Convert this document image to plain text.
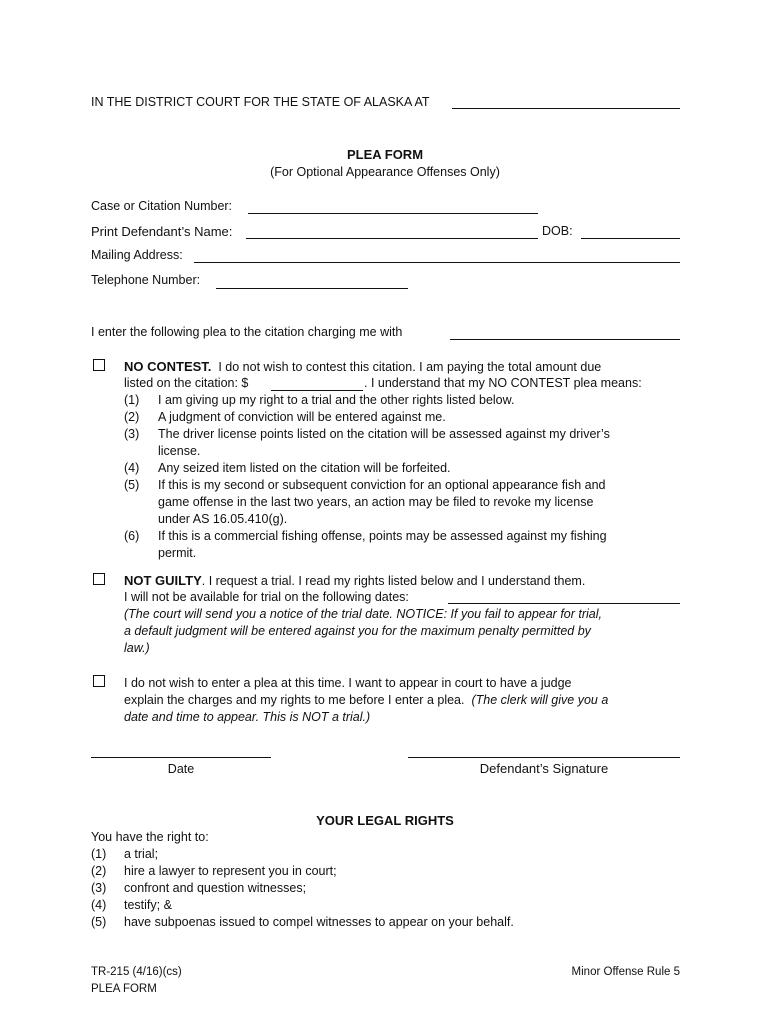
IN THE DISTRICT COURT FOR THE STATE OF ALASKA AT
PLEA FORM
(For Optional Appearance Offenses Only)
Case or Citation Number:
Print Defendant’s Name:	DOB:
Mailing Address:
Telephone Number:
I enter the following plea to the citation charging me with
NO CONTEST. I do not wish to contest this citation. I am paying the total amount due
listed on the citation: $	. I understand that my NO CONTEST plea means:
(1) I am giving up my right to a trial and the other rights listed below.
(2) A judgment of conviction will be entered against me.
(3) The driver license points listed on the citation will be assessed against my driver’s
license.
(4) Any seized item listed on the citation will be forfeited.
(5) If this is my second or subsequent conviction for an optional appearance fish and
game offense in the last two years, an action may be filed to revoke my license
under AS 16.05.410(g).
(6) If this is a commercial fishing offense, points may be assessed against my fishing
permit.
NOT GUILTY. I request a trial. I read my rights listed below and I understand them.
I will not be available for trial on the following dates:
(The court will send you a notice of the trial date. NOTICE: If you fail to appear for trial,
a default judgment will be entered against you for the maximum penalty permitted by
law.)
I do not wish to enter a plea at this time. I want to appear in court to have a judge
explain the charges and my rights to me before I enter a plea. (The clerk will give you a
date and time to appear. This is NOT a trial.)
Date	Defendant’s Signature
YOUR LEGAL RIGHTS
You have the right to:
(1) a trial;
(2) hire a lawyer to represent you in court;
(3) confront and question witnesses;
(4) testify; &
(5) have subpoenas issued to compel witnesses to appear on your behalf.
TR-215 (4/16)(cs)
PLEA FORM
Minor Offense Rule 5
